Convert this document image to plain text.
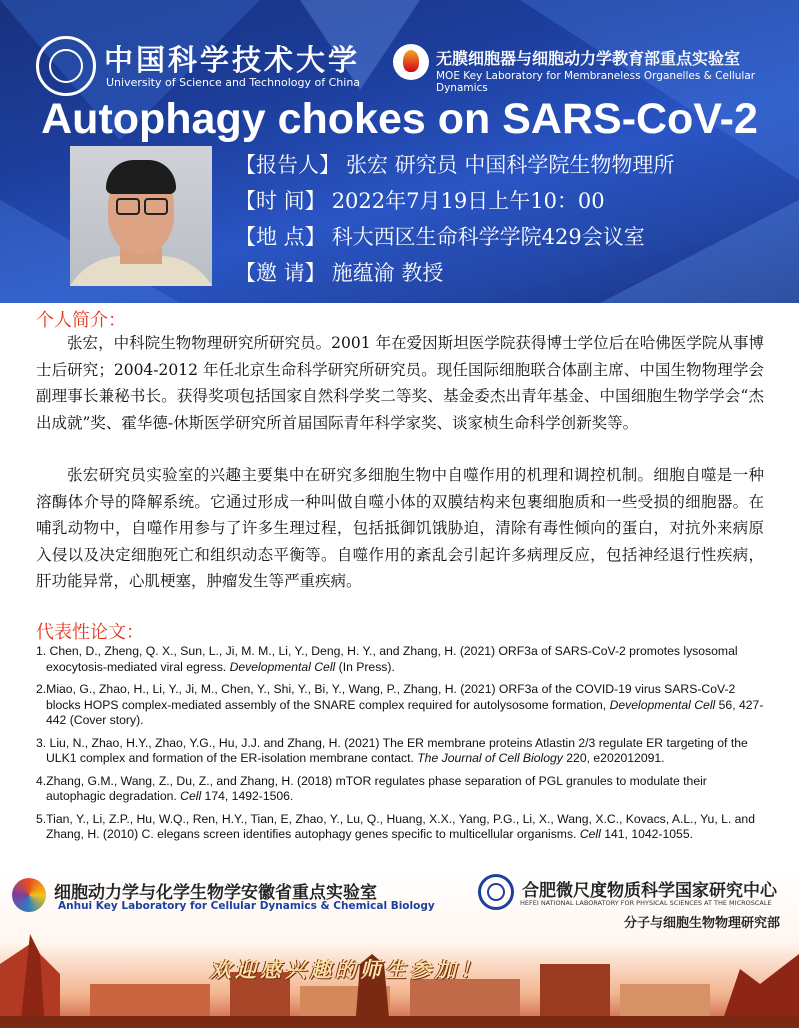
中国科学技术大学
University of Science and Technology of China
无膜细胞器与细胞动力学教育部重点实验室
MOE Key Laboratory for Membraneless Organelles & Cellular Dynamics
Autophagy chokes on SARS-CoV-2
【报告人】 张宏 研究员 中国科学院生物物理所
【时 间】 2022年7月19日上午10：00
【地 点】 科大西区生命科学学院429会议室
【邀 请】 施蕴渝 教授
个人简介：
张宏，中科院生物物理研究所研究员。2001 年在爱因斯坦医学院获得博士学位后在哈佛医学院从事博士后研究；2004-2012 年任北京生命科学研究所研究员。现任国际细胞联合体副主席、中国生物物理学会副理事长兼秘书长。获得奖项包括国家自然科学奖二等奖、基金委杰出青年基金、中国细胞生物学学会“杰出成就”奖、霍华德-休斯医学研究所首届国际青年科学家奖、谈家桢生命科学创新奖等。
张宏研究员实验室的兴趣主要集中在研究多细胞生物中自噬作用的机理和调控机制。细胞自噬是一种溶酶体介导的降解系统。它通过形成一种叫做自噬小体的双膜结构来包裹细胞质和一些受损的细胞器。在哺乳动物中，自噬作用参与了许多生理过程，包括抵御饥饿胁迫，清除有毒性倾向的蛋白，对抗外来病原入侵以及决定细胞死亡和组织动态平衡等。自噬作用的紊乱会引起许多病理反应，包括神经退行性疾病，肝功能异常，心肌梗塞，肿瘤发生等严重疾病。
代表性论文：
1. Chen, D., Zheng, Q. X., Sun, L., Ji, M. M., Li, Y., Deng, H. Y., and Zhang, H. (2021) ORF3a of SARS-CoV-2 promotes lysosomal exocytosis-mediated viral egress. Developmental Cell (In Press).
2.Miao, G., Zhao, H., Li, Y., Ji, M., Chen, Y., Shi, Y., Bi, Y., Wang, P., Zhang, H. (2021) ORF3a of the COVID-19 virus SARS-CoV-2 blocks HOPS complex-mediated assembly of the SNARE complex required for autolysosome formation, Developmental Cell 56, 427-442 (Cover story).
3. Liu, N., Zhao, H.Y., Zhao, Y.G., Hu, J.J. and Zhang, H. (2021) The ER membrane proteins Atlastin 2/3 regulate ER targeting of the ULK1 complex and formation of the ER-isolation membrane contact. The Journal of Cell Biology 220, e202012091.
4.Zhang, G.M., Wang, Z., Du, Z., and Zhang, H. (2018) mTOR regulates phase separation of PGL granules to modulate their autophagic degradation. Cell 174, 1492-1506.
5.Tian, Y., Li, Z.P., Hu, W.Q., Ren, H.Y., Tian, E, Zhao, Y., Lu, Q., Huang, X.X., Yang, P.G., Li, X., Wang, X.C., Kovacs, A.L., Yu, L. and Zhang, H. (2010) C. elegans screen identifies autophagy genes specific to multicellular organisms. Cell 141, 1042-1055.
细胞动力学与化学生物学安徽省重点实验室
Anhui Key Laboratory for Cellular Dynamics & Chemical Biology
合肥微尺度物质科学国家研究中心
HEFEI NATIONAL LABORATORY FOR PHYSICAL SCIENCES AT THE MICROSCALE
分子与细胞生物物理研究部
欢迎感兴趣的师生参加！
